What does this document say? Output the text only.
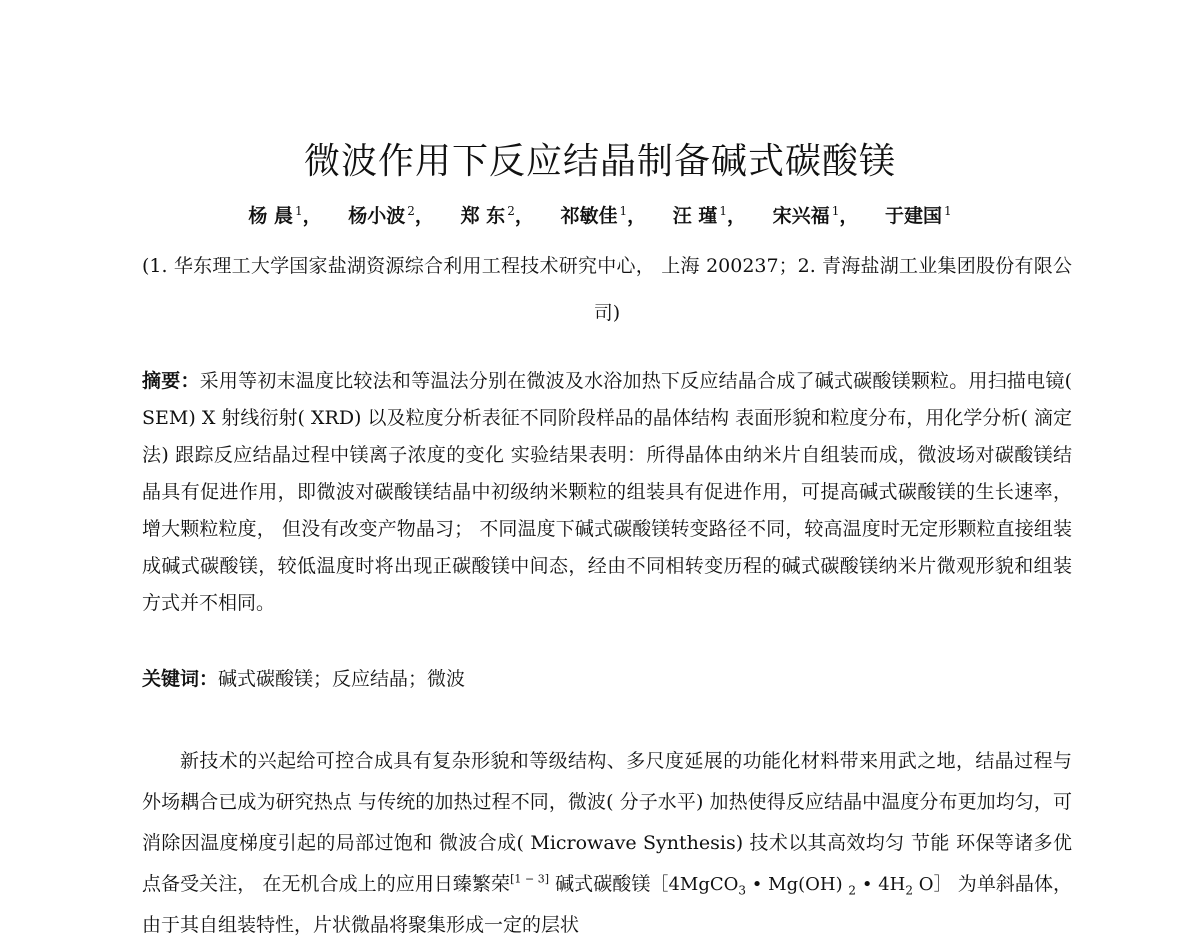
微波作用下反应结晶制备碱式碳酸镁
杨 晨 $^1$， 杨小波 $^2$， 郑 东 $^2$， 祁敏佳 $^1$， 汪 瑾 $^1$， 宋兴福 $^1$， 于建国 $^1$
(1. 华东理工大学国家盐湖资源综合利用工程技术研究中心， 上海 200237；2. 青海盐湖工业集团股份有限公司)
摘要：采用等初末温度比较法和等温法分别在微波及水浴加热下反应结晶合成了碱式碳酸镁颗粒。用扫描电镜( SEM) X 射线衍射( XRD) 以及粒度分析表征不同阶段样品的晶体结构 表面形貌和粒度分布，用化学分析( 滴定法) 跟踪反应结晶过程中镁离子浓度的变化 实验结果表明：所得晶体由纳米片自组装而成，微波场对碳酸镁结晶具有促进作用，即微波对碳酸镁结晶中初级纳米颗粒的组装具有促进作用，可提高碱式碳酸镁的生长速率，增大颗粒粒度， 但没有改变产物晶习； 不同温度下碱式碳酸镁转变路径不同，较高温度时无定形颗粒直接组装成碱式碳酸镁，较低温度时将出现正碳酸镁中间态，经由不同相转变历程的碱式碳酸镁纳米片微观形貌和组装方式并不相同。
关键词：碱式碳酸镁；反应结晶；微波
新技术的兴起给可控合成具有复杂形貌和等级结构、多尺度延展的功能化材料带来用武之地，结晶过程与外场耦合已成为研究热点 与传统的加热过程不同，微波( 分子水平) 加热使得反应结晶中温度分布更加均匀，可消除因温度梯度引起的局部过饱和 微波合成( Microwave Synthesis) 技术以其高效均匀 节能 环保等诸多优点备受关注， 在无机合成上的应用日臻繁荣[1 − 3] 碱式碳酸镁［4MgCO$_3$ • Mg(OH) $_2$ • $4H_2$ O］ 为单斜晶体，由于其自组装特性，片状微晶将聚集形成一定的层状
